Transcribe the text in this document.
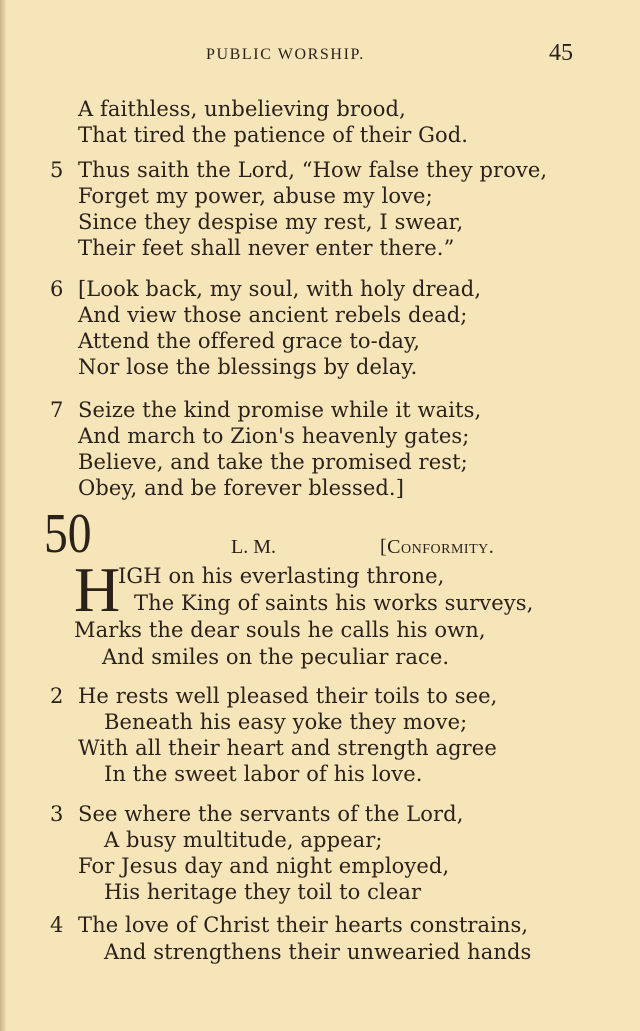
PUBLIC WORSHIP.	45
A faithless, unbelieving brood,
That tired the patience of their God.
5 Thus saith the Lord, “How false they prove,
Forget my power, abuse my love;
Since they despise my rest, I swear,
Their feet shall never enter there.”
6 [Look back, my soul, with holy dread,
And view those ancient rebels dead;
Attend the offered grace to-day,
Nor lose the blessings by delay.
7 Seize the kind promise while it waits,
And march to Zion's heavenly gates;
Believe, and take the promised rest;
Obey, and be forever blessed.]
50	L. M.	[Conformity.
H
IGH on his everlasting throne,
The King of saints his works surveys,
Marks the dear souls he calls his own,
And smiles on the peculiar race.
2 He rests well pleased their toils to see,
Beneath his easy yoke they move;
With all their heart and strength agree
In the sweet labor of his love.
3 See where the servants of the Lord,
A busy multitude, appear;
For Jesus day and night employed,
His heritage they toil to clear
4 The love of Christ their hearts constrains,
And strengthens their unwearied hands
